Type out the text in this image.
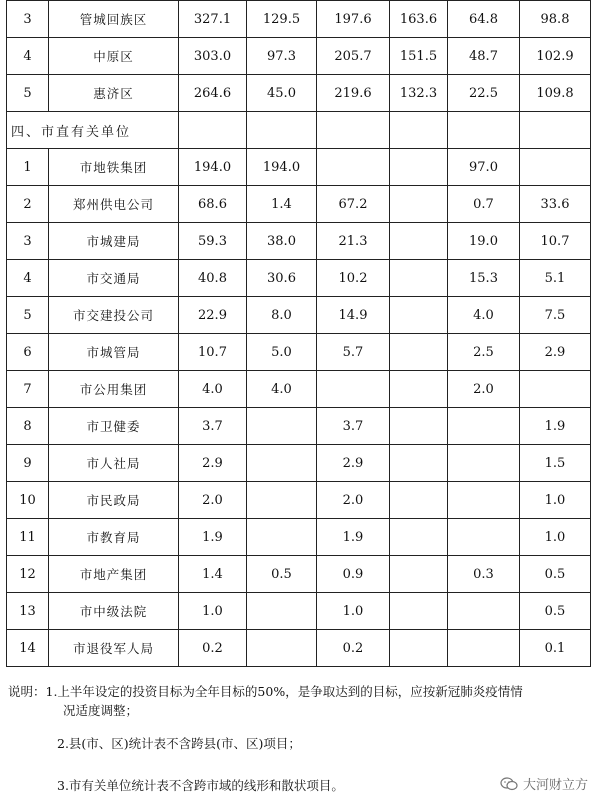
3	管城回族区	327.1	129.5	197.6	163.6	64.8	98.8
4	中原区	303.0	97.3	205.7	151.5	48.7	102.9
5	惠济区	264.6	45.0	219.6	132.3	22.5	109.8
四、市直有关单位							
1	市地铁集团	194.0	194.0			97.0	
2	郑州供电公司	68.6	1.4	67.2		0.7	33.6
3	市城建局	59.3	38.0	21.3		19.0	10.7
4	市交通局	40.8	30.6	10.2		15.3	5.1
5	市交建投公司	22.9	8.0	14.9		4.0	7.5
6	市城管局	10.7	5.0	5.7		2.5	2.9
7	市公用集团	4.0	4.0			2.0	
8	市卫健委	3.7		3.7			1.9
9	市人社局	2.9		2.9			1.5
10	市民政局	2.0		2.0			1.0
11	市教育局	1.9		1.9			1.0
12	市地产集团	1.4	0.5	0.9		0.3	0.5
13	市中级法院	1.0		1.0			0.5
14	市退役军人局	0.2		0.2			0.1
说明：1.上半年设定的投资目标为全年目标的50%，是争取达到的目标，应按新冠肺炎疫情情
况适度调整；
2.县(市、区)统计表不含跨县(市、区)项目；
3.市有关单位统计表不含跨市域的线形和散状项目。	大河财立方
